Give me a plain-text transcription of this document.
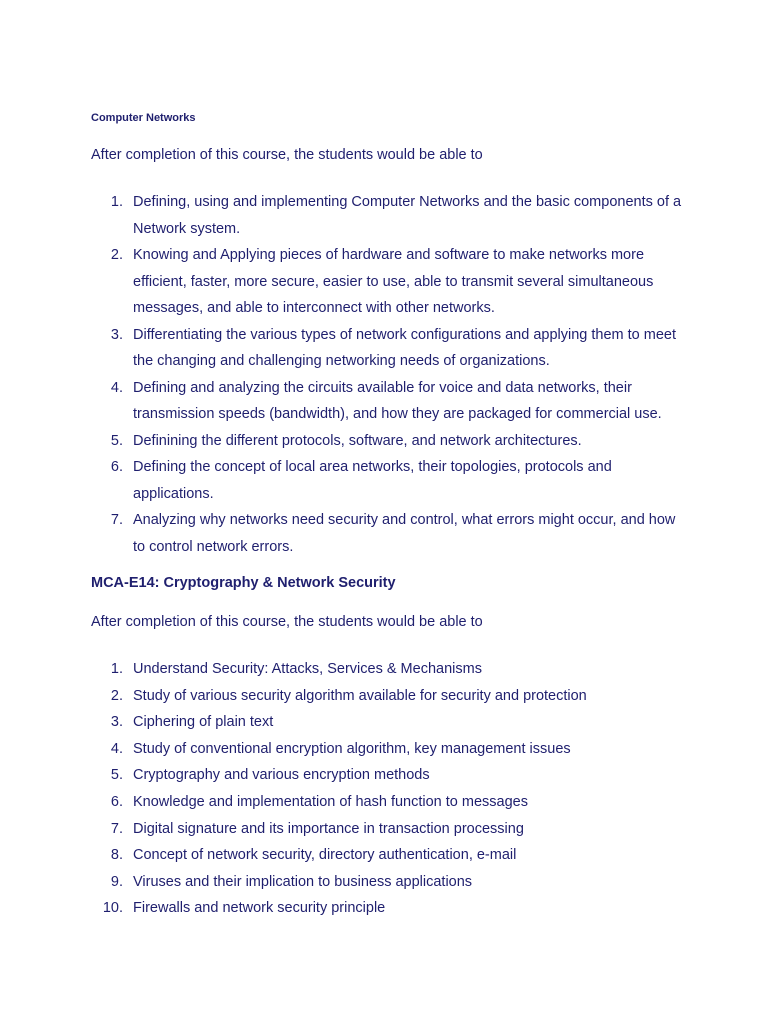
Computer Networks
After completion of this course, the students would be able to
1. Defining, using and implementing Computer Networks and the basic components of a Network system.
2. Knowing and Applying pieces of hardware and software to make networks more efficient, faster, more secure, easier to use, able to transmit several simultaneous messages, and able to interconnect with other networks.
3. Differentiating the various types of network configurations and applying them to meet the changing and challenging networking needs of organizations.
4. Defining and analyzing the circuits available for voice and data networks, their transmission speeds (bandwidth), and how they are packaged for commercial use.
5. Definining the different protocols, software, and network architectures.
6. Defining the concept of local area networks, their topologies, protocols and applications.
7. Analyzing why networks need security and control, what errors might occur, and how to control network errors.
MCA-E14: Cryptography & Network Security
After completion of this course, the students would be able to
1. Understand Security: Attacks, Services & Mechanisms
2. Study of various security algorithm available for security and protection
3. Ciphering of plain text
4. Study of conventional encryption algorithm, key management issues
5. Cryptography and various encryption methods
6. Knowledge and implementation of hash function to messages
7. Digital signature and its importance in transaction processing
8. Concept of network security, directory authentication, e-mail
9. Viruses and their implication to business applications
10. Firewalls and network security principle
